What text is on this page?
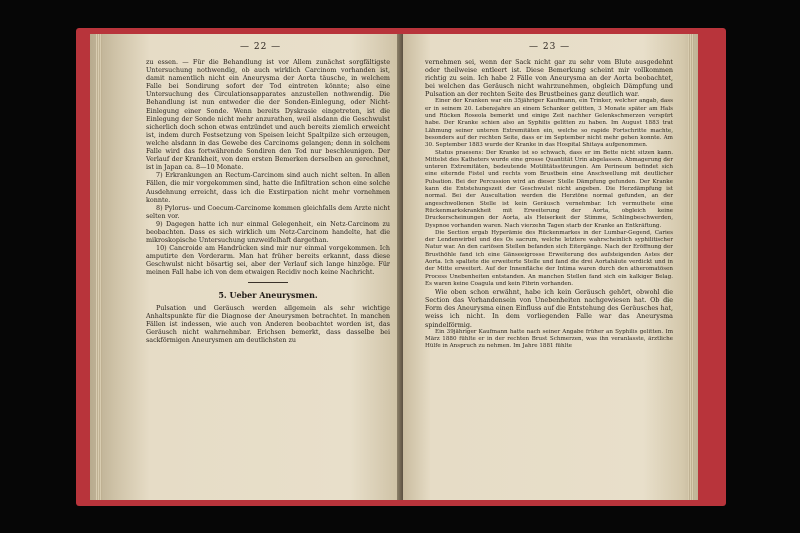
— 22 —

zu essen. — Für die Behandlung ist vor Allem zunächst sorgfältigste Untersuchung nothwendig, ob auch wirklich Carcinom vorhanden ist, damit namentlich nicht ein Aneurysma der Aorta täusche, in welchem Falle bei Sondirung sofort der Tod eintreten könnte; also eine Untersuchung des Circulationsapparates anzustellen nothwendig. Die Behandlung ist nun entweder die der Sonden-Einlegung, oder Nicht-Einlegung einer Sonde. Wenn bereits Dyskrasie eingetreten, ist die Einlegung der Sonde nicht mehr anzurathen, weil alsdann die Geschwulst sicherlich doch schon etwas entzündet und auch bereits ziemlich erweicht ist, indem durch Festsetzung von Speisen leicht Spaltpilze sich erzeugen, welche alsdann in das Gewebe des Carcinoms gelangen; denn in solchem Falle wird das fortwährende Sondiren den Tod nur beschleunigen. Der Verlauf der Krankheit, von dem ersten Bemerken derselben an gerechnet, ist in Japan ca. 8—10 Monate.

7) Erkrankungen an Rectum-Carcinom sind auch nicht selten. In allen Fällen, die mir vorgekommen sind, hatte die Infiltration schon eine solche Ausdehnung erreicht, dass ich die Exstirpation nicht mehr vornehmen konnte.

8) Pylorus- und Coecum-Carcinome kommen gleichfalls dem Arzte nicht selten vor.

9) Dagegen hatte ich nur einmal Gelegenheit, ein Netz-Carcinom zu beobachten. Dass es sich wirklich um Netz-Carcinom handelte, hat die mikroskopische Untersuchung unzweifelhaft dargethan.

10) Cancroide am Handrücken sind mir nur einmal vorgekommen. Ich amputirte den Vorderarm. Man hat früher bereits erkannt, dass diese Geschwulst nicht bösartig sei, aber der Verlauf sich lange hinzöge. Für meinen Fall habe ich von dem etwaigen Recidiv noch keine Nachricht.

5. Ueber Aneurysmen.

Pulsation und Geräusch werden allgemein als sehr wichtige Anhaltspunkte für die Diagnose der Aneurysmen betrachtet. In manchen Fällen ist indessen, wie auch von Anderen beobachtet worden ist, das Geräusch nicht wahrnehmbar. Erichsen bemerkt, dass dasselbe bei sackförmigen Aneurysmen am deutlichsten zu

— 23 —

vernehmen sei, wenn der Sack nicht gar zu sehr vom Blute ausgedehnt oder theilweise entleert ist. Diese Bemerkung scheint mir vollkommen richtig zu sein. Ich habe 2 Fälle von Aneurysma an der Aorta beobachtet, bei welchen das Geräusch nicht wahrzunehmen, obgleich Dämpfung und Pulsation an der rechten Seite des Brustbeines ganz deutlich war.

Einer der Kranken war ein 35jähriger Kaufmann, ein Trinker, welcher angab, dass er in seinem 20. Lebensjahre an einem Schanker gelitten, 3 Monate später am Hals und Rücken Roseola bemerkt und einige Zeit nachher Gelenkschmerzen verspürt habe. Der Kranke schien also an Syphilis gelitten zu haben. Im August 1883 trat Lähmung seiner unteren Extremitäten ein, welche so rapide Fortschritte machte, besonders auf der rechten Seite, dass er im September nicht mehr gehen konnte. Am 30. September 1883 wurde der Kranke in das Hospital Shitaya aufgenommen.

Status praesens: Der Kranke ist so schwach, dass er im Bette nicht sitzen kann. Mittelst des Katheters wurde eine grosse Quantität Urin abgelassen. Abmagerung der unteren Extremitäten, bedeutende Motilitätsstörungen. Am Perineum befindet sich eine eiternde Fistel und rechts vom Brustbein eine Anschwellung mit deutlicher Pulsation. Bei der Percussion wird an dieser Stelle Dämpfung gefunden. Der Kranke kann die Entstehungszeit der Geschwulst nicht angeben. Die Herzdämpfung ist normal. Bei der Auscultation werden die Herztöne normal gefunden, an der angeschwollenen Stelle ist kein Geräusch vernehmbar. Ich vermuthete eine Rückenmarkskrankheit mit Erweiterung der Aorta, obgleich keine Druckerscheinungen der Aorta, als Heiserkeit der Stimme, Schlingbeschwerden, Dyspnoe vorhanden waren. Nach vierzehn Tagen starb der Kranke an Entkräftung.

Die Section ergab Hyperämie des Rückenmarkes in der Lumbar-Gegend, Caries der Lendenwirbel und des Os sacrum, welche letztere wahrscheinlich syphilitischer Natur war. An den cariösen Stellen befanden sich Eitergänge. Nach der Eröffnung der Brusthöhle fand ich eine Gänseeigrosse Erweiterung des aufsteigenden Astes der Aorta. Ich spaltete die erweiterte Stelle und fand die drei Aortahäute verdickt und in der Mitte erweitert. Auf der Innenfläche der Intima waren durch den atheromatösen Process Unebenheiten entstanden. An manchen Stellen fand sich ein kalkiger Belag. Es waren keine Coagula und kein Fibrin vorhanden.

Wie oben schon erwähnt, habe ich kein Geräusch gehört, obwohl die Section das Vorhandensein von Unebenheiten nachgewiesen hat. Ob die Form des Aneurysma einen Einfluss auf die Entstehung des Geräusches hat, weiss ich nicht. In dem vorliegenden Falle war das Aneurysma spindelförmig.

Ein 39jähriger Kaufmann hatte nach seiner Angabe früher an Syphilis gelitten. Im März 1880 fühlte er in der rechten Brust Schmerzen, was ihn veranlasste, ärztliche Hülfe in Anspruch zu nehmen. Im Jahre 1881 fühlte
